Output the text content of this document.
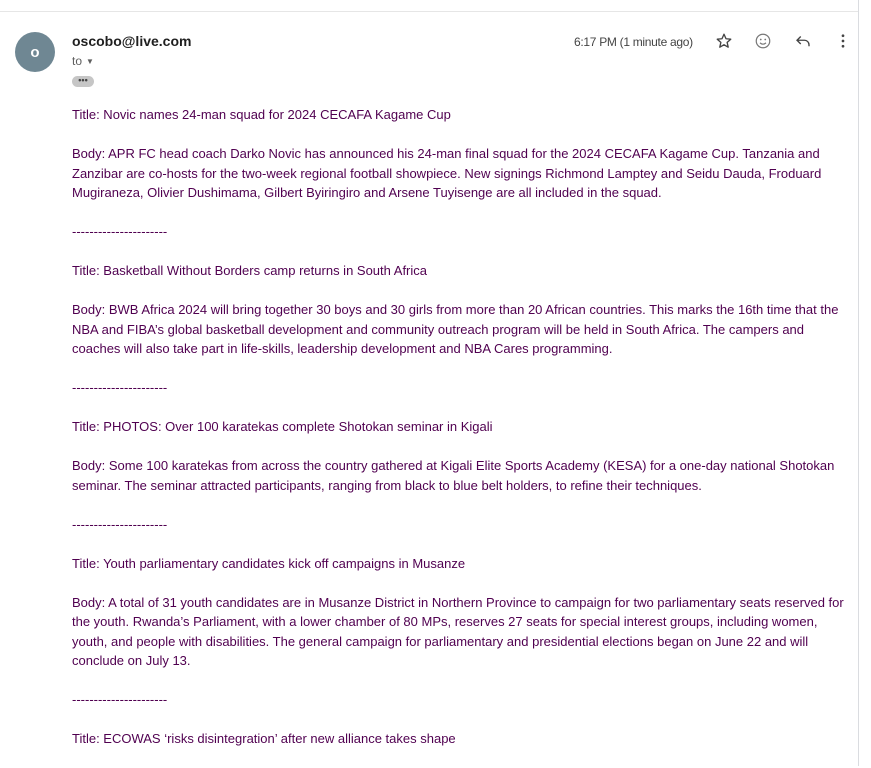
o
oscobo@live.com
to ▼
•••
6:17 PM (1 minute ago)
Title: Novic names 24-man squad for 2024 CECAFA Kagame Cup
Body: APR FC head coach Darko Novic has announced his 24-man final squad for the 2024 CECAFA Kagame Cup. Tanzania and Zanzibar are co-hosts for the two-week regional football showpiece. New signings Richmond Lamptey and Seidu Dauda, Froduard Mugiraneza, Olivier Dushimama, Gilbert Byiringiro and Arsene Tuyisenge are all included in the squad.
----------------------
Title: Basketball Without Borders camp returns in South Africa
Body: BWB Africa 2024 will bring together 30 boys and 30 girls from more than 20 African countries. This marks the 16th time that the NBA and FIBA’s global basketball development and community outreach program will be held in South Africa. The campers and coaches will also take part in life-skills, leadership development and NBA Cares programming.
----------------------
Title: PHOTOS: Over 100 karatekas complete Shotokan seminar in Kigali
Body: Some 100 karatekas from across the country gathered at Kigali Elite Sports Academy (KESA) for a one-day national Shotokan seminar. The seminar attracted participants, ranging from black to blue belt holders, to refine their techniques.
----------------------
Title: Youth parliamentary candidates kick off campaigns in Musanze
Body: A total of 31 youth candidates are in Musanze District in Northern Province to campaign for two parliamentary seats reserved for the youth. Rwanda’s Parliament, with a lower chamber of 80 MPs, reserves 27 seats for special interest groups, including women, youth, and people with disabilities. The general campaign for parliamentary and presidential elections began on June 22 and will conclude on July 13.
----------------------
Title: ECOWAS ‘risks disintegration’ after new alliance takes shape
